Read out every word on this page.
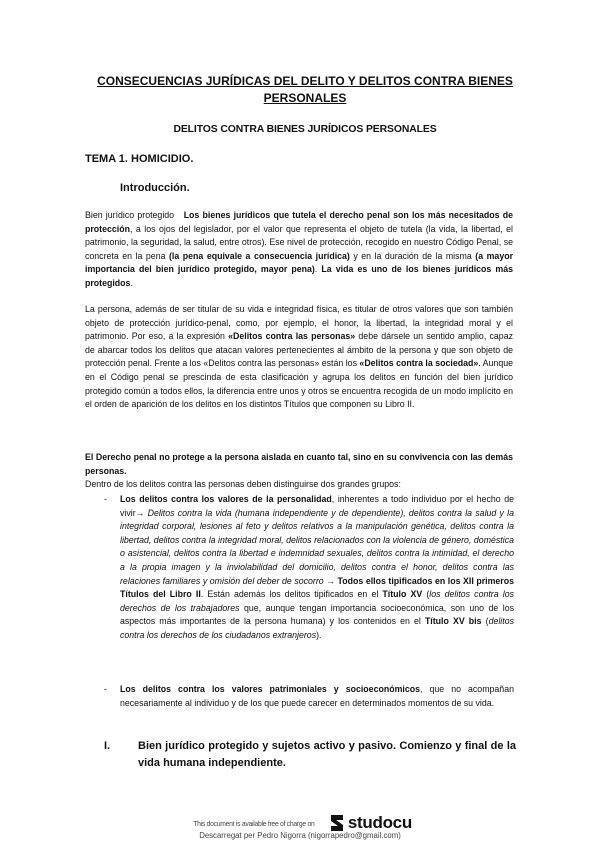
CONSECUENCIAS JURÍDICAS DEL DELITO Y DELITOS CONTRA BIENES PERSONALES
DELITOS CONTRA BIENES JURÍDICOS PERSONALES
TEMA 1. HOMICIDIO.
Introducción.

Bien jurídico protegido Los bienes jurídicos que tutela el derecho penal son los más necesitados de protección, a los ojos del legislador, por el valor que representa el objeto de tutela (la vida, la libertad, el patrimonio, la seguridad, la salud, entre otros). Ese nivel de protección, recogido en nuestro Código Penal, se concreta en la pena (la pena equivale a consecuencia jurídica) y en la duración de la misma (a mayor importancia del bien jurídico protegido, mayor pena). La vida es uno de los bienes jurídicos más protegidos.

La persona, además de ser titular de su vida e integridad física, es titular de otros valores que son también objeto de protección jurídico-penal, como, por ejemplo, el honor, la libertad, la integridad moral y el patrimonio. Por eso, a la expresión «Delitos contra las personas» debe dársele un sentido amplio, capaz de abarcar todos los delitos que atacan valores pertenecientes al ámbito de la persona y que son objeto de protección penal. Frente a los «Delitos contra las personas» están los «Delitos contra la sociedad». Aunque en el Código penal se prescinda de esta clasificación y agrupa los delitos en función del bien jurídico protegido común a todos ellos, la diferencia entre unos y otros se encuentra recogida de un modo implícito en el orden de aparición de los delitos en los distintos Títulos que componen su Libro II.

El Derecho penal no protege a la persona aislada en cuanto tal, sino en su convivencia con las demás personas.
Dentro de los delitos contra las personas deben distinguirse dos grandes grupos:

- Los delitos contra los valores de la personalidad, inherentes a todo individuo por el hecho de vivir→ Delitos contra la vida (humana independiente y de dependiente), delitos contra la salud y la integridad corporal, lesiones al feto y delitos relativos a la manipulación genética, delitos contra la libertad, delitos contra la integridad moral, delitos relacionados con la violencia de género, doméstica o asistencial, delitos contra la libertad e indemnidad sexuales, delitos contra la intimidad, el derecho a la propia imagen y la inviolabilidad del domicilio, delitos contra el honor, delitos contra las relaciones familiares y omisión del deber de socorro → Todos ellos tipificados en los XII primeros Títulos del Libro II. Están además los delitos tipificados en el Título XV (los delitos contra los derechos de los trabajadores que, aunque tengan importancia socioeconómica, son uno de los aspectos más importantes de la persona humana) y los contenidos en el Título XV bis (delitos contra los derechos de los ciudadanos extranjeros).
- Los delitos contra los valores patrimoniales y socioeconómicos, que no acompañan necesariamente al individuo y de los que puede carecer en determinados momentos de su vida.
I.	Bien jurídico protegido y sujetos activo y pasivo. Comienzo y final de la vida humana independiente.
This document is available free of charge on studocu
Descarregat per Pedro Nigorra (nigorrapedro@gmail.com)
